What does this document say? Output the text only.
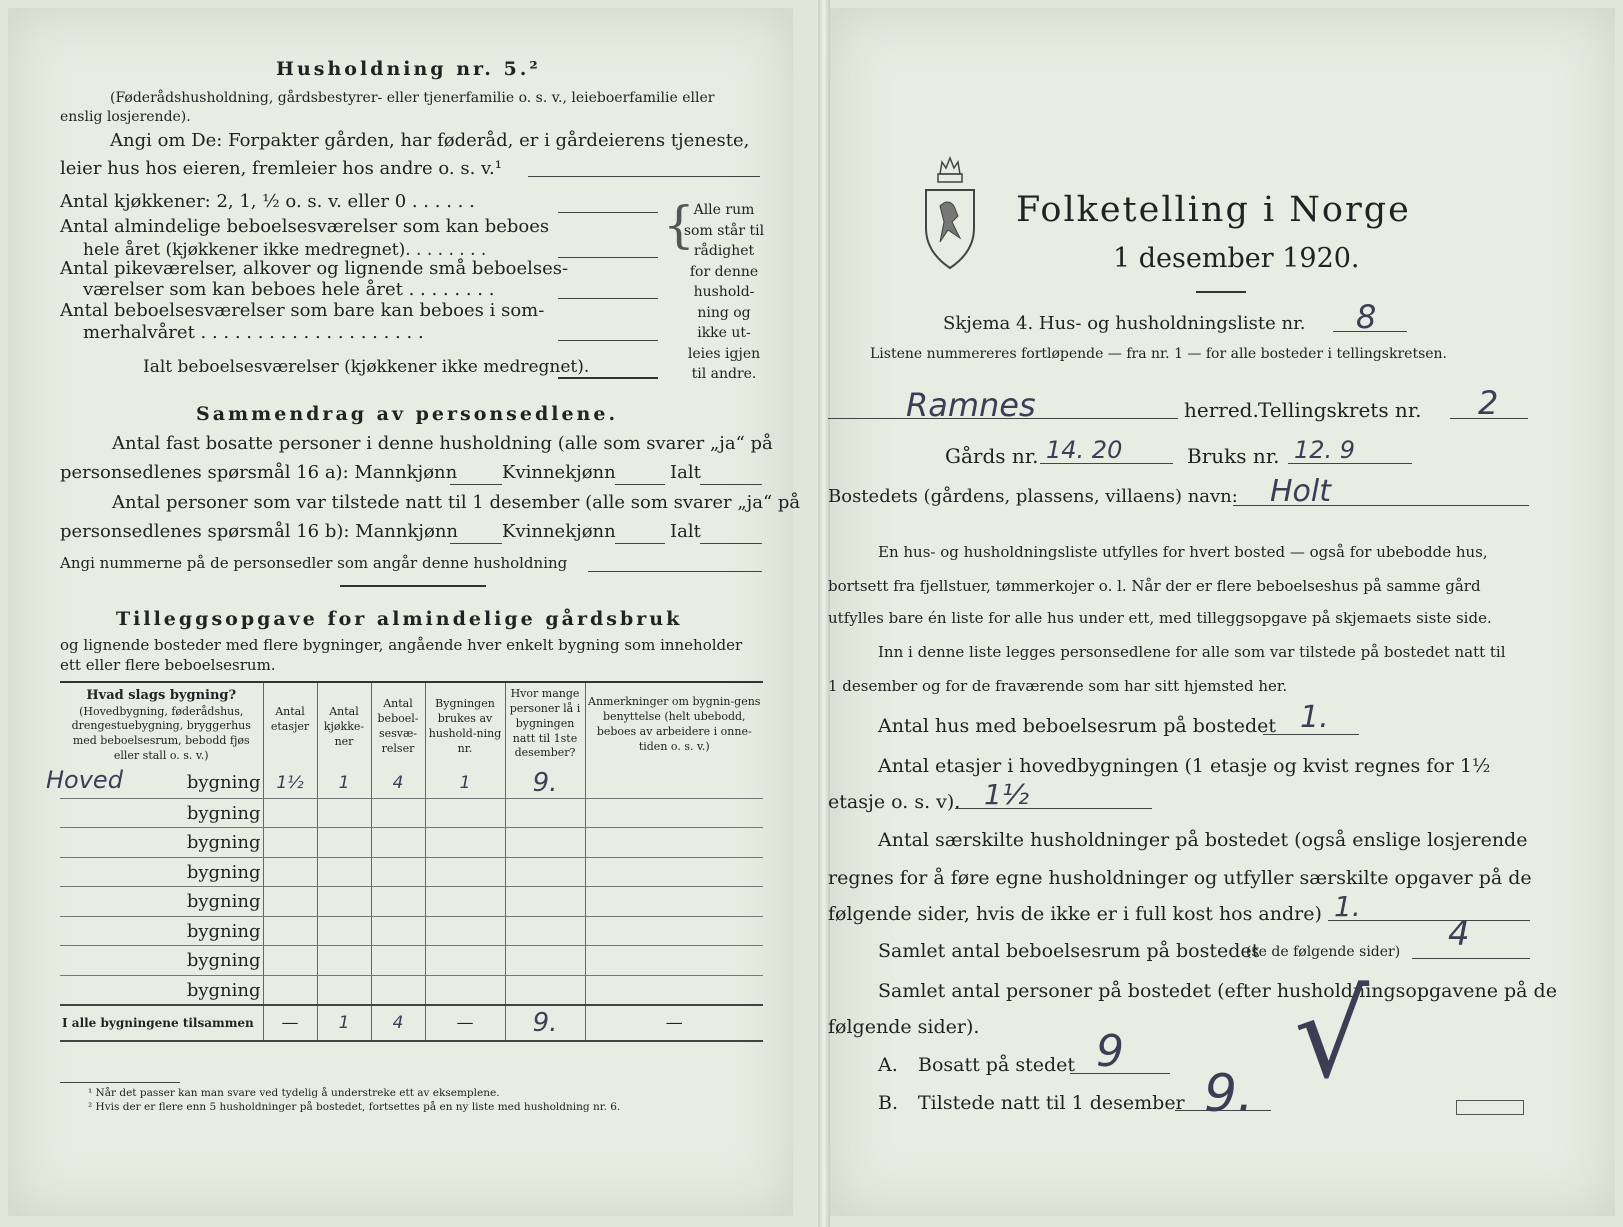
Husholdning nr. 5.²
(Føderådshusholdning, gårdsbestyrer- eller tjenerfamilie o. s. v., leieboerfamilie eller
enslig losjerende).
Angi om De: Forpakter gården, har føderåd, er i gårdeierens tjeneste,
leier hus hos eieren, fremleier hos andre o. s. v.¹
Antal kjøkkener: 2, 1, ½ o. s. v. eller 0 . . . . . .
Antal almindelige beboelsesværelser som kan beboes
hele året (kjøkkener ikke medregnet). . . . . . . .
Antal pikeværelser, alkover og lignende små beboelses-
værelser som kan beboes hele året . . . . . . . .
Antal beboelsesværelser som bare kan beboes i som-
merhalvåret . . . . . . . . . . . . . . . . . . . .
Ialt beboelsesværelser (kjøkkener ikke medregnet).
{
Alle rum
som står til
rådighet
for denne
hushold-
ning og
ikke ut-
leies igjen
til andre.
Sammendrag av personsedlene.
Antal fast bosatte personer i denne husholdning (alle som svarer „ja“ på
personsedlenes spørsmål 16 a): Mannkjønn Kvinnekjønn	Ialt
Antal personer som var tilstede natt til 1 desember (alle som svarer „ja“ på
personsedlenes spørsmål 16 b): Mannkjønn Kvinnekjønn	Ialt
Angi nummerne på de personsedler som angår denne husholdning
Tilleggsopgave for almindelige gårdsbruk
og lignende bosteder med flere bygninger, angående hver enkelt bygning som inneholder
ett eller flere beboelsesrum.
Hvad slags bygning?
(Hovedbygning, føderådshus, drengestuebygning, bryggerhus med beboelsesrum, bebodd fjøs eller stall o. s. v.)	Antal etasjer	Antal kjøkke-ner	Antal beboel-sesvæ-relser	Bygningen brukes av hushold-ning nr.	Hvor mange personer lå i bygningen natt til 1ste desember?	Anmerkninger om bygnin-gens benyttelse (helt ubebodd, beboes av arbeidere i onne-tiden o. s. v.)

Hoved bygning	1½	1	4	1	9.	

bygning						

bygning						

bygning						

bygning						

bygning						

bygning						

bygning						
I alle bygningene tilsammen	—	1	4	—	9.	—
¹ Når det passer kan man svare ved tydelig å understreke ett av eksemplene.
² Hvis der er flere enn 5 husholdninger på bostedet, fortsettes på en ny liste med husholdning nr. 6.
Folketelling i Norge
1 desember 1920.
Skjema 4. Hus- og husholdningsliste nr. 8
Listene nummereres fortløpende — fra nr. 1 — for alle bosteder i tellingskretsen.
Ramnes	herred. Tellingskrets nr. 2
Gårds nr. 14. 20	Bruks nr. 12. 9
Bostedets (gårdens, plassens, villaens) navn: Holt
En hus- og husholdningsliste utfylles for hvert bosted — også for ubebodde hus,
bortsett fra fjellstuer, tømmerkojer o. l. Når der er flere beboelseshus på samme gård
utfylles bare én liste for alle hus under ett, med tilleggsopgave på skjemaets siste side.
Inn i denne liste legges personsedlene for alle som var tilstede på bostedet natt til
1 desember og for de fraværende som har sitt hjemsted her.
Antal hus med beboelsesrum på bostedet 1.
Antal etasjer i hovedbygningen (1 etasje og kvist regnes for 1½
etasje o. s. v). 1½
Antal særskilte husholdninger på bostedet (også enslige losjerende
regnes for å føre egne husholdninger og utfyller særskilte opgaver på de
følgende sider, hvis de ikke er i full kost hos andre) 1.
Samlet antal beboelsesrum på bostedet
(se de følgende sider) 4
Samlet antal personer på bostedet (efter husholdningsopgavene på de
følgende sider).
A. Bosatt på stedet 9
B. Tilstede natt til 1 desember 9. √
